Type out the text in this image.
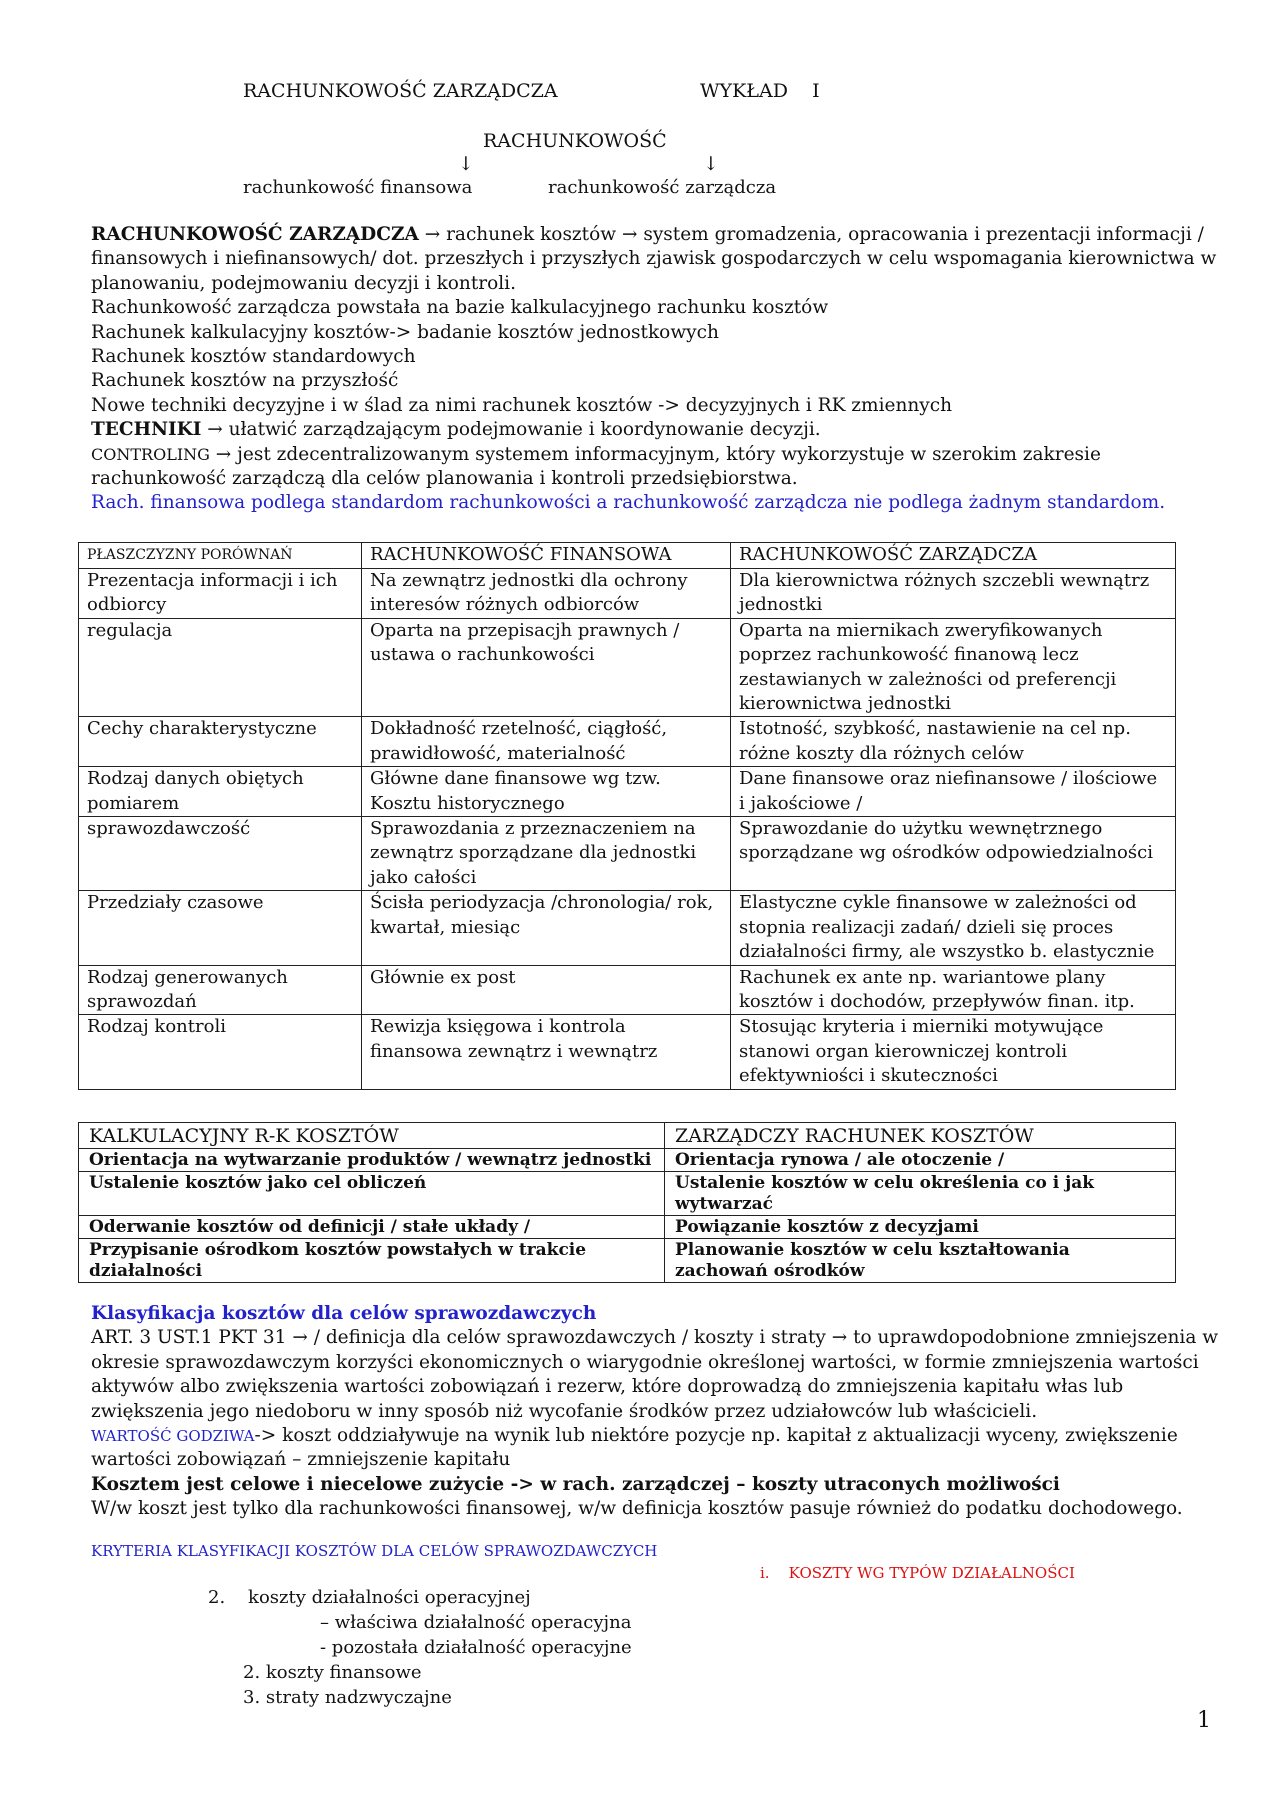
RACHUNKOWOŚĆ ZARZĄDCZA	WYKŁAD    I
RACHUNKOWOŚĆ
↓	↓
rachunkowość finansowa	rachunkowość zarządcza

RACHUNKOWOŚĆ ZARZĄDCZA → rachunek kosztów → system gromadzenia, opracowania i prezentacji informacji / finansowych i niefinansowych/ dot. przeszłych i przyszłych zjawisk gospodarczych w celu wspomagania kierownictwa w planowaniu, podejmowaniu decyzji i kontroli.

Rachunkowość zarządcza powstała na bazie kalkulacyjnego rachunku kosztów

Rachunek kalkulacyjny kosztów-> badanie kosztów jednostkowych

Rachunek kosztów standardowych

Rachunek kosztów na przyszłość

Nowe techniki decyzyjne i w ślad za nimi rachunek kosztów -> decyzyjnych i RK zmiennych

TECHNIKI → ułatwić zarządzającym podejmowanie i koordynowanie decyzji.

CONTROLING → jest zdecentralizowanym systemem informacyjnym, który wykorzystuje w szerokim zakresie rachunkowość zarządczą dla celów planowania i kontroli przedsiębiorstwa.

Rach. finansowa podlega standardom rachunkowości a rachunkowość zarządcza nie podlega żadnym standardom.

PŁASZCZYZNY PORÓWNAŃ	RACHUNKOWOŚĆ FINANSOWA	RACHUNKOWOŚĆ ZARZĄDCZA
Prezentacja informacji i ich odbiorcy	Na zewnątrz jednostki dla ochrony interesów różnych odbiorców	Dla kierownictwa różnych szczebli wewnątrz jednostki
regulacja	Oparta na przepisacjh prawnych / ustawa o rachunkowości	Oparta na miernikach zweryfikowanych poprzez rachunkowość finanową lecz zestawianych w zależności od preferencji kierownictwa jednostki
Cechy charakterystyczne	Dokładność rzetelność, ciągłość, prawidłowość, materialność	Istotność, szybkość, nastawienie na cel np. różne koszty dla różnych celów
Rodzaj danych obiętych pomiarem	Główne dane finansowe wg tzw. Kosztu historycznego	Dane finansowe oraz niefinansowe / ilościowe i jakościowe /
sprawozdawczość	Sprawozdania z przeznaczeniem na zewnątrz sporządzane dla jednostki jako całości	Sprawozdanie do użytku wewnętrznego sporządzane wg ośrodków odpowiedzialności
Przedziały czasowe	Ścisła periodyzacja /chronologia/ rok, kwartał, miesiąc	Elastyczne cykle finansowe w zależności od stopnia realizacji zadań/ dzieli się proces działalności firmy, ale wszystko b. elastycznie
Rodzaj generowanych sprawozdań	Głównie ex post	Rachunek ex ante np. wariantowe plany kosztów i dochodów, przepływów finan. itp.
Rodzaj kontroli	Rewizja księgowa i kontrola finansowa zewnątrz i wewnątrz	Stosując kryteria i mierniki motywujące stanowi organ kierowniczej kontroli efektywniości i skuteczności
KALKULACYJNY R-K KOSZTÓW	ZARZĄDCZY RACHUNEK KOSZTÓW
Orientacja na wytwarzanie produktów / wewnątrz jednostki	Orientacja rynowa / ale otoczenie /
Ustalenie kosztów jako cel obliczeń	Ustalenie kosztów w celu określenia co i jak wytwarzać
Oderwanie kosztów od definicji / stałe układy /	Powiązanie kosztów z decyzjami
Przypisanie ośrodkom kosztów powstałych w trakcie działalności	Planowanie kosztów w celu kształtowania zachowań ośrodków

Klasyfikacja kosztów dla celów sprawozdawczych

ART. 3 UST.1 PKT 31 → / definicja dla celów sprawozdawczych / koszty i straty → to uprawdopodobnione zmniejszenia w okresie sprawozdawczym korzyści ekonomicznych o wiarygodnie określonej wartości, w formie zmniejszenia wartości aktywów albo zwiększenia wartości zobowiązań i rezerw, które doprowadzą do zmniejszenia kapitału włas lub zwiększenia jego niedoboru w inny sposób niż wycofanie środków przez udziałowców lub właścicieli.

WARTOŚĆ GODZIWA-> koszt oddziaływuje na wynik lub niektóre pozycje np. kapitał z aktualizacji wyceny, zwiększenie wartości zobowiązań – zmniejszenie kapitału

Kosztem jest celowe i niecelowe zużycie -> w rach. zarządczej – koszty utraconych możliwości

W/w koszt jest tylko dla rachunkowości finansowej, w/w definicja kosztów pasuje również do podatku dochodowego.

KRYTERIA KLASYFIKACJI KOSZTÓW DLA CELÓW SPRAWOZDAWCZYCH
i.    KOSZTY WG TYPÓW DZIAŁALNOŚCI
2.    koszty działalności operacyjnej
– właściwa działalność operacyjna
- pozostała działalność operacyjne
2. koszty finansowe
3. straty nadzwyczajne
1
